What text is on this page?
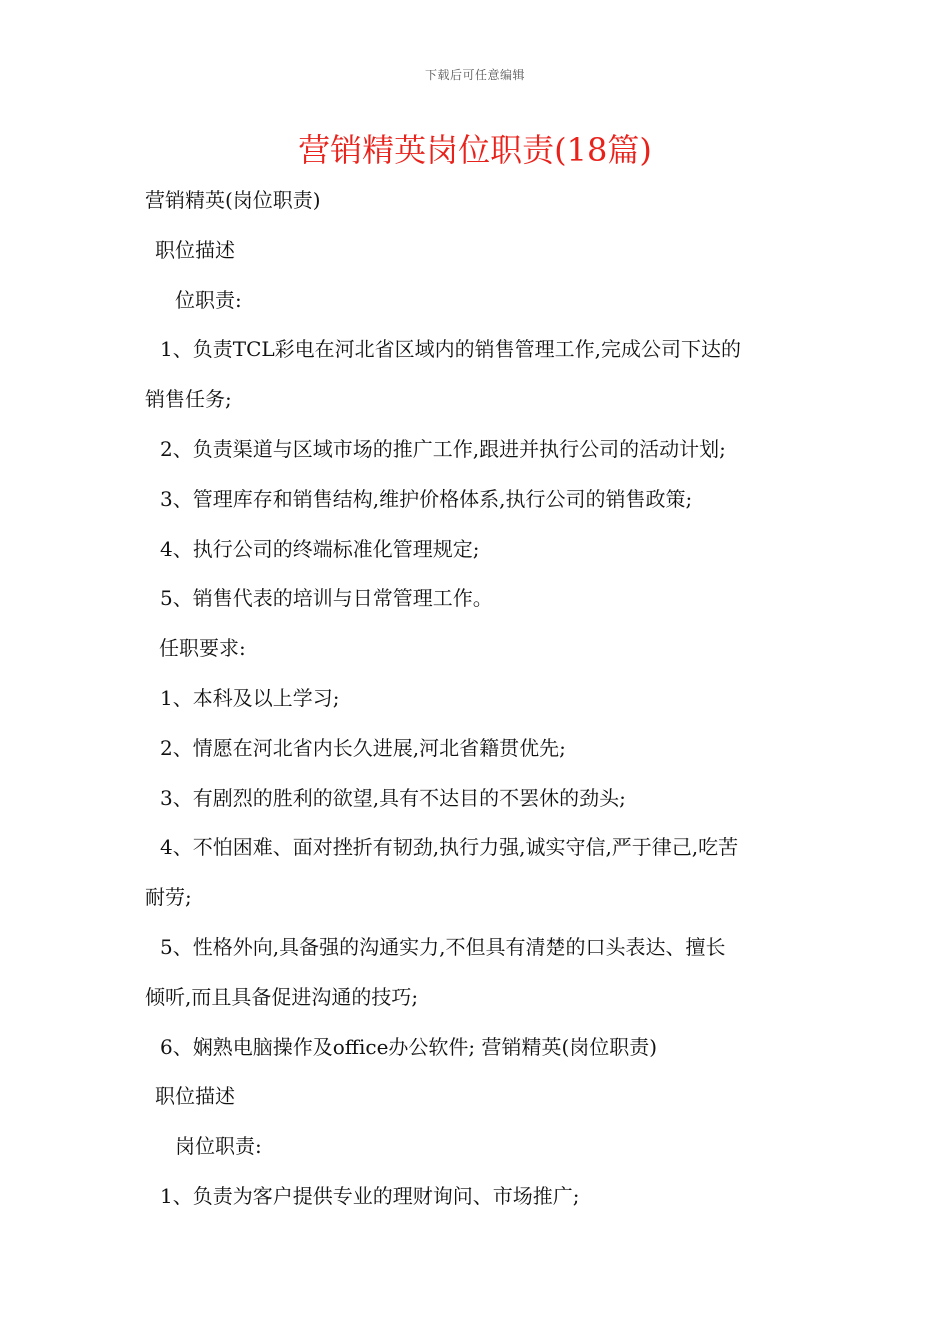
下载后可任意编辑
营销精英岗位职责(18篇)
营销精英(岗位职责)
职位描述
位职责:
1、负责TCL彩电在河北省区域内的销售管理工作,完成公司下达的
销售任务;
2、负责渠道与区域市场的推广工作,跟进并执行公司的活动计划;
3、管理库存和销售结构,维护价格体系,执行公司的销售政策;
4、执行公司的终端标准化管理规定;
5、销售代表的培训与日常管理工作。
任职要求:
1、本科及以上学习;
2、情愿在河北省内长久进展,河北省籍贯优先;
3、有剧烈的胜利的欲望,具有不达目的不罢休的劲头;
4、不怕困难、面对挫折有韧劲,执行力强,诚实守信,严于律己,吃苦
耐劳;
5、性格外向,具备强的沟通实力,不但具有清楚的口头表达、擅长
倾听,而且具备促进沟通的技巧;
6、娴熟电脑操作及office办公软件; 营销精英(岗位职责)
职位描述
岗位职责:
1、负责为客户提供专业的理财询问、市场推广;
